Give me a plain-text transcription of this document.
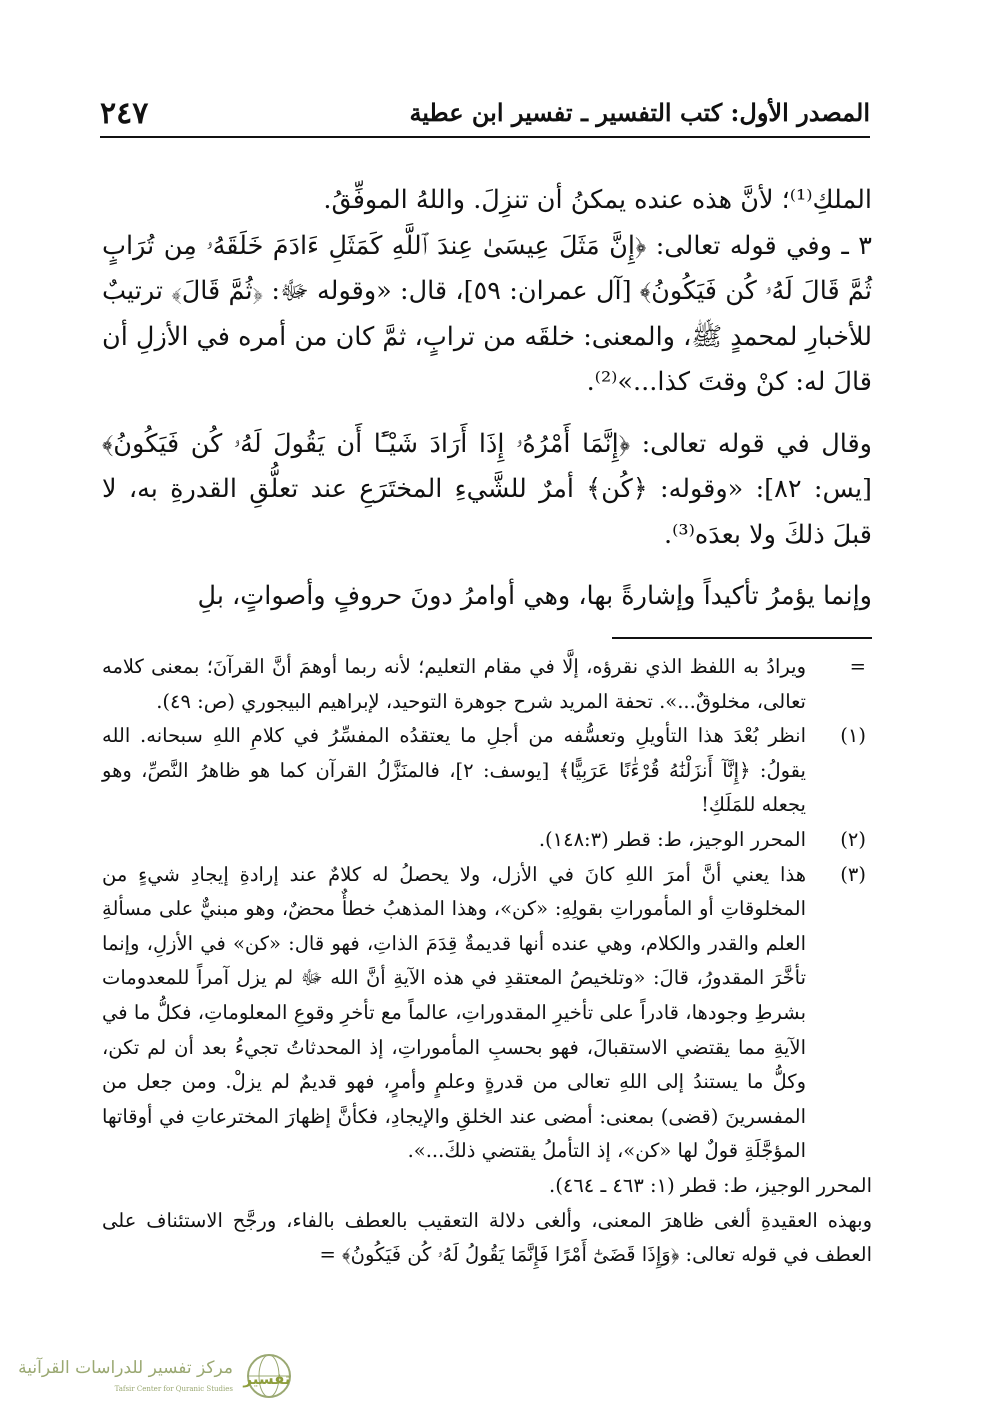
٢٤٧	المصدر الأول: كتب التفسير ـ تفسير ابن عطية

الملكِ⁽¹⁾؛ لأنَّ هذه عنده يمكنُ أن تنزِلَ. واللهُ الموفِّقُ.

٣ ـ وفي قوله تعالى: ﴿إِنَّ مَثَلَ عِيسَىٰ عِندَ ٱللَّهِ كَمَثَلِ ءَادَمَ خَلَقَهُۥ مِن تُرَابٍ ثُمَّ قَالَ لَهُۥ كُن فَيَكُونُ﴾ [آل عمران: ٥٩]، قال: «وقوله ﷻ: ﴿ثُمَّ قَالَ﴾ ترتيبٌ للأخبارِ لمحمدٍ ﷺ، والمعنى: خلقَه من ترابٍ، ثمَّ كان من أمره في الأزلِ أن قالَ له: كنْ وقتَ كذا...»⁽²⁾.

وقال في قوله تعالى: ﴿إِنَّمَا أَمْرُهُۥ إِذَا أَرَادَ شَيْـًٔا أَن يَقُولَ لَهُۥ كُن فَيَكُونُ﴾ [يس: ٨٢]: «وقوله: ﴿كُن﴾ أمرٌ للشَّيءِ المختَرَعِ عند تعلُّقِ القدرةِ به، لا قبلَ ذلكَ ولا بعدَه⁽³⁾.

وإنما يؤمرُ تأكيداً وإشارةً بها، وهي أوامرُ دونَ حروفٍ وأصواتٍ، بلِ

=
ويرادُ به اللفظ الذي نقرؤه، إلَّا في مقام التعليم؛ لأنه ربما أوهمَ أنَّ القرآنَ؛ بمعنى كلامه تعالى، مخلوقٌ...». تحفة المريد شرح جوهرة التوحيد، لإبراهيم البيجوري (ص: ٤٩).
(١)
انظر بُعْدَ هذا التأويلِ وتعسُّفه من أجلِ ما يعتقدُه المفسِّرُ في كلامِ اللهِ سبحانه. الله يقولُ: ﴿إِنَّآ أَنزَلْنَٰهُ قُرْءَٰنًا عَرَبِيًّا﴾ [يوسف: ٢]، فالمنَزَّلُ القرآن كما هو ظاهرُ النَّصِّ، وهو يجعله للمَلَكِ!
(٢)
المحرر الوجيز، ط: قطر (١٤٨:٣).
(٣)
هذا يعني أنَّ أمرَ اللهِ كانَ في الأزل، ولا يحصلُ له كلامٌ عند إرادةِ إيجادِ شيءٍ من المخلوقاتِ أو المأموراتِ بقولِهِ: «كن»، وهذا المذهبُ خطأٌ محضٌ، وهو مبنيٌّ على مسألةِ العلم والقدر والكلام، وهي عنده أنها قديمةٌ قِدَمَ الذاتِ، فهو قال: «كن» في الأزلِ، وإنما تأخَّرَ المقدورُ، قالَ: «وتلخيصُ المعتقدِ في هذه الآيةِ أنَّ الله ﷻ لم يزل آمراً للمعدومات بشرطِ وجودها، قادراً على تأخيرِ المقدوراتِ، عالماً مع تأخرِ وقوعِ المعلوماتِ، فكلُّ ما في الآيةِ مما يقتضي الاستقبالَ، فهو بحسبِ المأموراتِ، إذ المحدثاتُ تجيءُ بعد أن لم تكن، وكلُّ ما يستندُ إلى اللهِ تعالى من قدرةٍ وعلمٍ وأمرٍ، فهو قديمٌ لم يزلْ. ومن جعل من المفسرينَ (قضى) بمعنى: أمضى عند الخلقِ والإيجادِ، فكأنَّ إظهارَ المخترعاتِ في أوقاتها المؤجَّلَةِ قولٌ لها «كن»، إذ التأملُ يقتضي ذلكَ...».
المحرر الوجيز، ط: قطر (١: ٤٦٣ ـ ٤٦٤).
وبهذه العقيدةِ ألغى ظاهرَ المعنى، وألغى دلالة التعقيب بالعطف بالفاء، ورجَّح الاستئناف على العطف في قوله تعالى: ﴿وَإِذَا قَضَىٰٓ أَمْرًا فَإِنَّمَا يَقُولُ لَهُۥ كُن فَيَكُونُ﴾ =
مركز تفسير للدراسات القرآنية
Tafsir Center for Quranic Studies
تفسير
